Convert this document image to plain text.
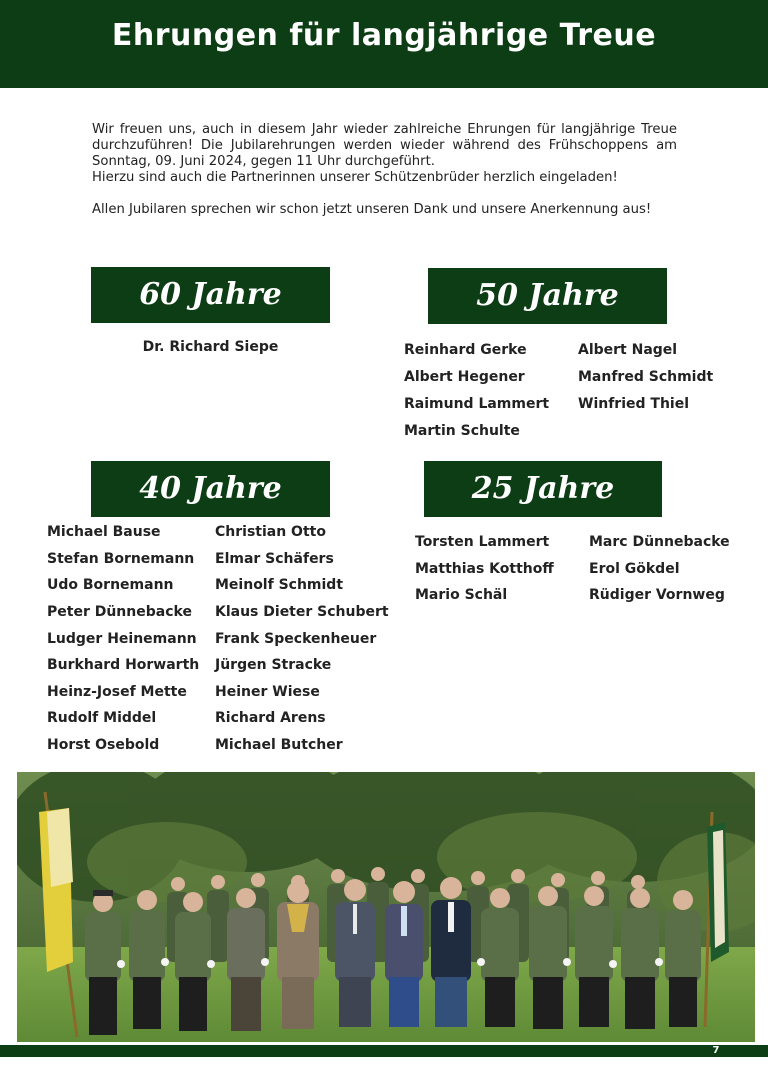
Ehrungen für langjährige Treue

Wir freuen uns, auch in diesem Jahr wieder zahlreiche Ehrungen für langjährige Treue durchzuführen! Die Jubilarehrungen werden wieder während des Frühschoppens am Sonntag, 09. Juni 2024, gegen 11 Uhr durchgeführt.

Hierzu sind auch die Partnerinnen unserer Schützenbrüder herzlich eingeladen!

Allen Jubilaren sprechen wir schon jetzt unseren Dank und unsere Anerkennung aus!

60 Jahre
Dr. Richard Siepe
50 Jahre
Reinhard Gerke
Albert Hegener
Raimund Lammert
Martin Schulte
Albert Nagel
Manfred Schmidt
Winfried Thiel
40 Jahre
Michael Bause
Stefan Bornemann
Udo Bornemann
Peter Dünnebacke
Ludger Heinemann
Burkhard Horwarth
Heinz-Josef Mette
Rudolf Middel
Horst Osebold
Christian Otto
Elmar Schäfers
Meinolf Schmidt
Klaus Dieter Schubert
Frank Speckenheuer
Jürgen Stracke
Heiner Wiese
Richard Arens
Michael Butcher
25 Jahre
Torsten Lammert
Matthias Kotthoff
Mario Schäl
Marc Dünnebacke
Erol Gökdel
Rüdiger Vornweg
7
